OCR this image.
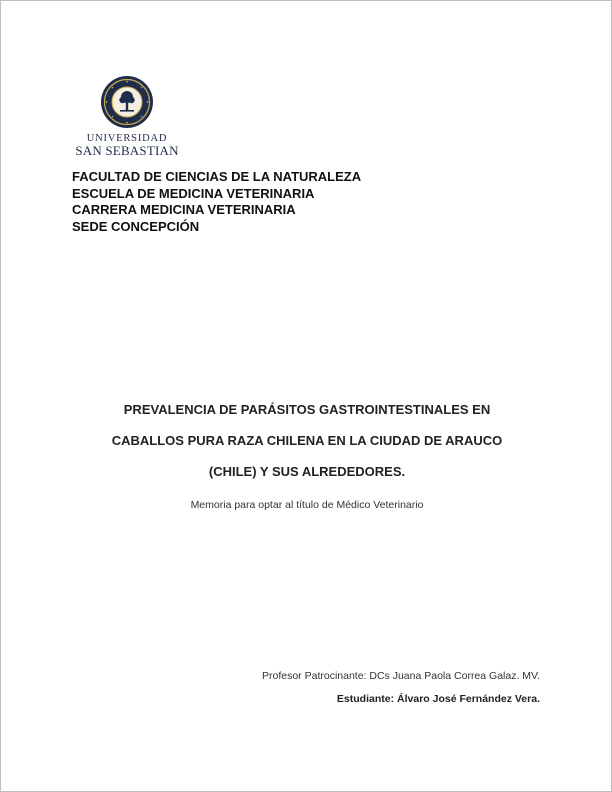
UNIVERSIDAD
SAN SEBASTIAN
FACULTAD DE CIENCIAS DE LA NATURALEZA
ESCUELA DE MEDICINA VETERINARIA
CARRERA MEDICINA VETERINARIA
SEDE CONCEPCIÓN
PREVALENCIA DE PARÁSITOS GASTROINTESTINALES EN
CABALLOS PURA RAZA CHILENA EN LA CIUDAD DE ARAUCO
(CHILE) Y SUS ALREDEDORES.
Memoria para optar al título de Médico Veterinario
Profesor Patrocinante: DCs Juana Paola Correa Galaz. MV.
Estudiante: Álvaro José Fernández Vera.
